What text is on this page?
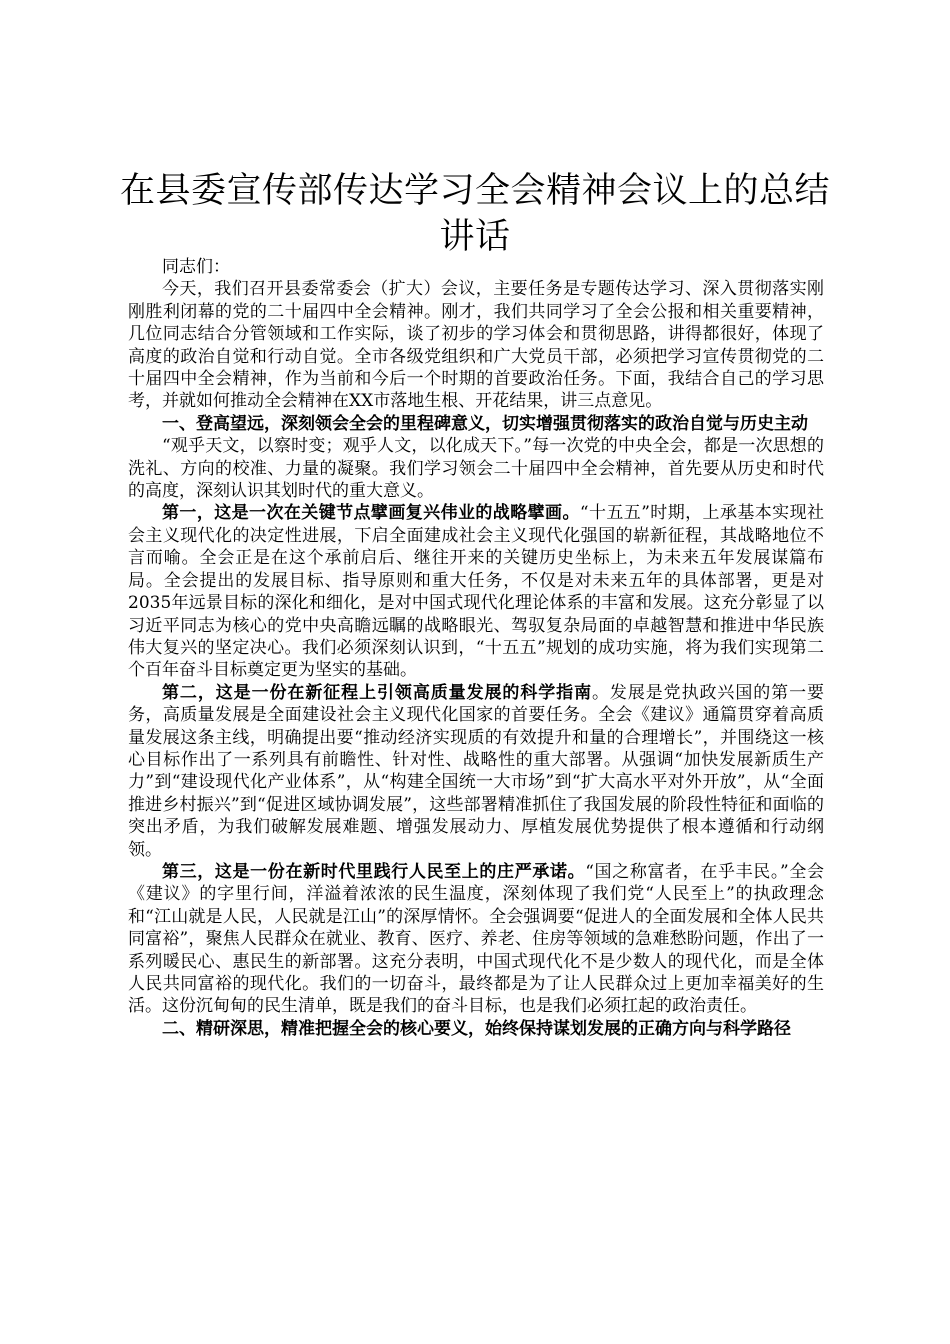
在县委宣传部传达学习全会精神会议上的总结讲话

同志们：

今天，我们召开县委常委会（扩大）会议，主要任务是专题传达学习、深入贯彻落实刚刚胜利闭幕的党的二十届四中全会精神。刚才，我们共同学习了全会公报和相关重要精神，几位同志结合分管领域和工作实际，谈了初步的学习体会和贯彻思路，讲得都很好，体现了高度的政治自觉和行动自觉。全市各级党组织和广大党员干部，必须把学习宣传贯彻党的二十届四中全会精神，作为当前和今后一个时期的首要政治任务。下面，我结合自己的学习思考，并就如何推动全会精神在XX市落地生根、开花结果，讲三点意见。

一、登高望远，深刻领会全会的里程碑意义，切实增强贯彻落实的政治自觉与历史主动

“观乎天文，以察时变；观乎人文，以化成天下。”每一次党的中央全会，都是一次思想的洗礼、方向的校准、力量的凝聚。我们学习领会二十届四中全会精神，首先要从历史和时代的高度，深刻认识其划时代的重大意义。

第一，这是一次在关键节点擘画复兴伟业的战略擘画。“十五五”时期，上承基本实现社会主义现代化的决定性进展，下启全面建成社会主义现代化强国的崭新征程，其战略地位不言而喻。全会正是在这个承前启后、继往开来的关键历史坐标上，为未来五年发展谋篇布局。全会提出的发展目标、指导原则和重大任务，不仅是对未来五年的具体部署，更是对2035年远景目标的深化和细化，是对中国式现代化理论体系的丰富和发展。这充分彰显了以习近平同志为核心的党中央高瞻远瞩的战略眼光、驾驭复杂局面的卓越智慧和推进中华民族伟大复兴的坚定决心。我们必须深刻认识到，“十五五”规划的成功实施，将为我们实现第二个百年奋斗目标奠定更为坚实的基础。

第二，这是一份在新征程上引领高质量发展的科学指南。发展是党执政兴国的第一要务，高质量发展是全面建设社会主义现代化国家的首要任务。全会《建议》通篇贯穿着高质量发展这条主线，明确提出要“推动经济实现质的有效提升和量的合理增长”，并围绕这一核心目标作出了一系列具有前瞻性、针对性、战略性的重大部署。从强调“加快发展新质生产力”到“建设现代化产业体系”，从“构建全国统一大市场”到“扩大高水平对外开放”，从“全面推进乡村振兴”到“促进区域协调发展”，这些部署精准抓住了我国发展的阶段性特征和面临的突出矛盾，为我们破解发展难题、增强发展动力、厚植发展优势提供了根本遵循和行动纲领。

第三，这是一份在新时代里践行人民至上的庄严承诺。“国之称富者，在乎丰民。”全会《建议》的字里行间，洋溢着浓浓的民生温度，深刻体现了我们党“人民至上”的执政理念和“江山就是人民，人民就是江山”的深厚情怀。全会强调要“促进人的全面发展和全体人民共同富裕”，聚焦人民群众在就业、教育、医疗、养老、住房等领域的急难愁盼问题，作出了一系列暖民心、惠民生的新部署。这充分表明，中国式现代化不是少数人的现代化，而是全体人民共同富裕的现代化。我们的一切奋斗，最终都是为了让人民群众过上更加幸福美好的生活。这份沉甸甸的民生清单，既是我们的奋斗目标，也是我们必须扛起的政治责任。

二、精研深思，精准把握全会的核心要义，始终保持谋划发展的正确方向与科学路径
